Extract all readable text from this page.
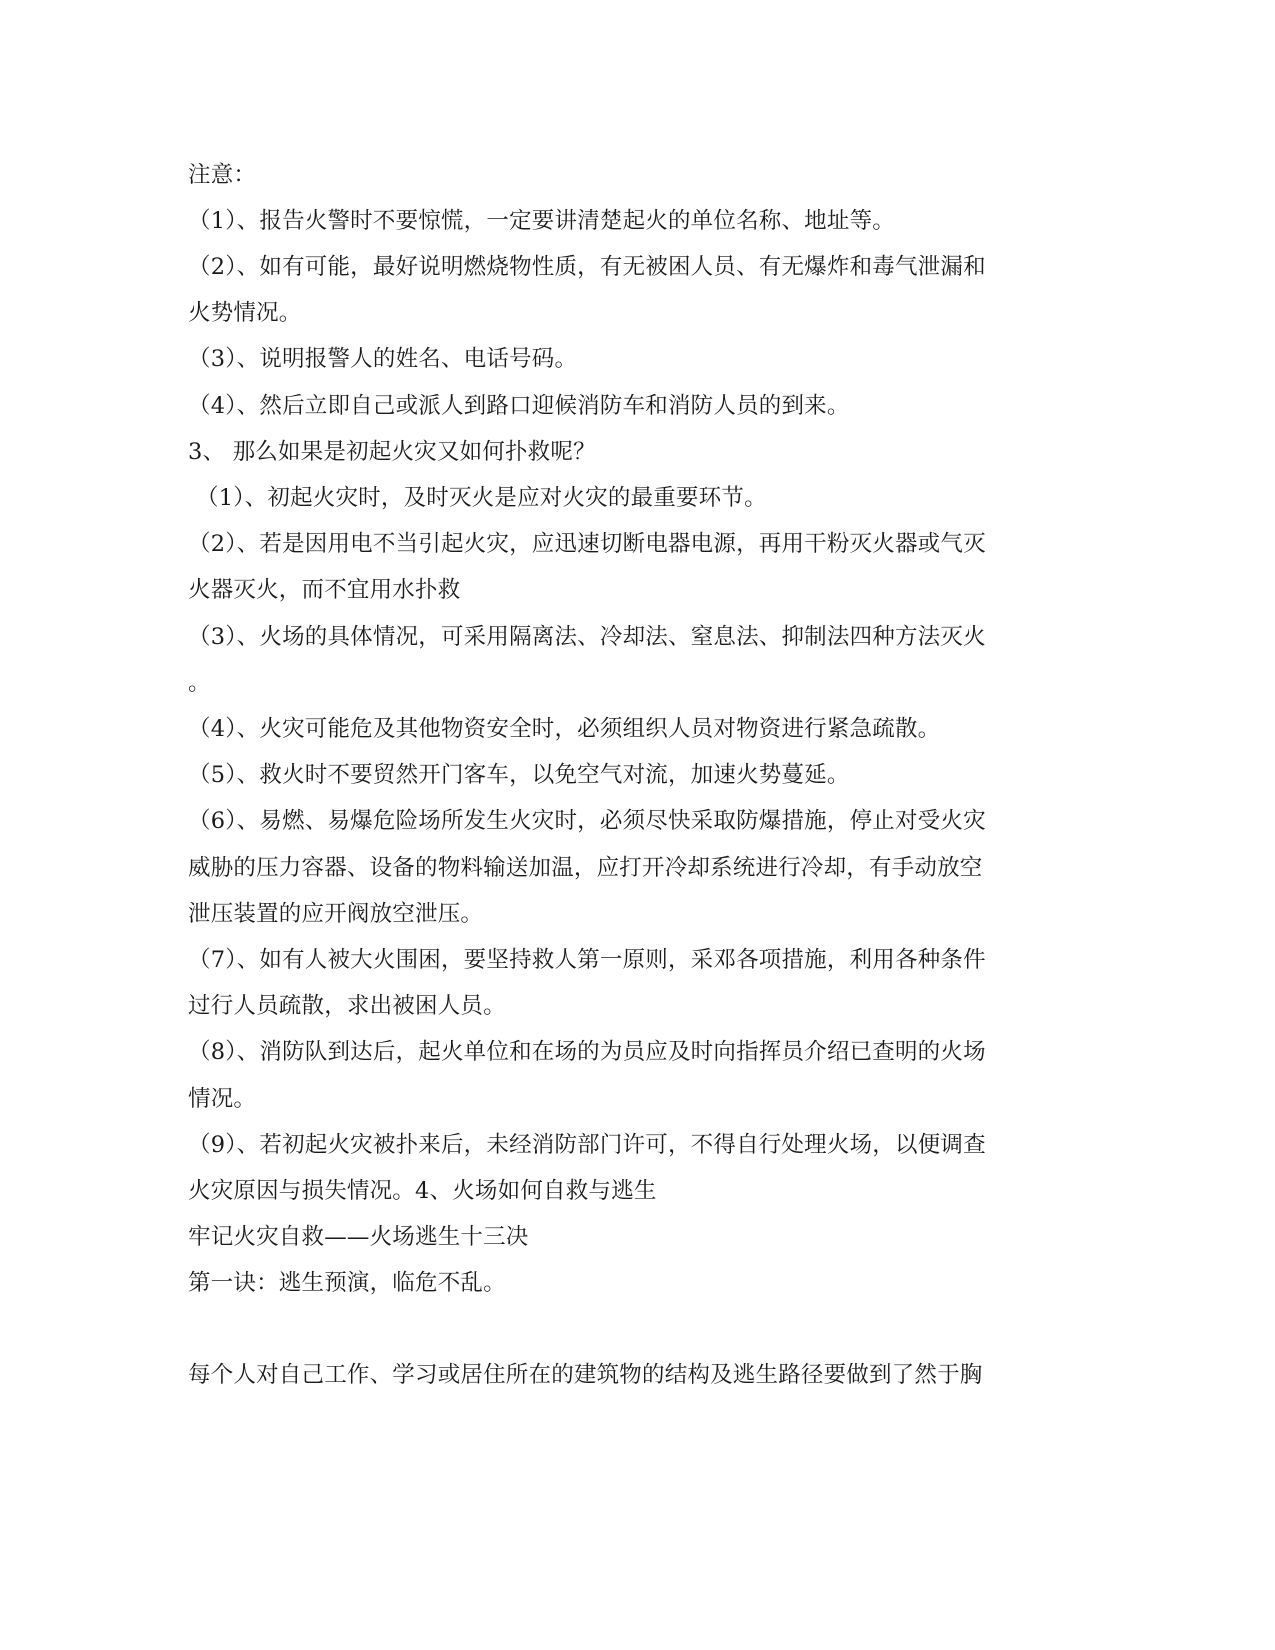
注意：
（1）、报告火警时不要惊慌，一定要讲清楚起火的单位名称、地址等。
（2）、如有可能，最好说明燃烧物性质，有无被困人员、有无爆炸和毒气泄漏和
火势情况。
（3）、说明报警人的姓名、电话号码。
（4）、然后立即自己或派人到路口迎候消防车和消防人员的到来。
3、 那么如果是初起火灾又如何扑救呢？
（1）、初起火灾时，及时灭火是应对火灾的最重要环节。
（2）、若是因用电不当引起火灾，应迅速切断电器电源，再用干粉灭火器或气灭
火器灭火，而不宜用水扑救
（3）、火场的具体情况，可采用隔离法、冷却法、窒息法、抑制法四种方法灭火
。
（4）、火灾可能危及其他物资安全时，必须组织人员对物资进行紧急疏散。
（5）、救火时不要贸然开门客车，以免空气对流，加速火势蔓延。
（6）、易燃、易爆危险场所发生火灾时，必须尽快采取防爆措施，停止对受火灾
威胁的压力容器、设备的物料输送加温，应打开冷却系统进行冷却，有手动放空
泄压装置的应开阀放空泄压。
（7）、如有人被大火围困，要坚持救人第一原则，采邓各项措施，利用各种条件
过行人员疏散，求出被困人员。
（8）、消防队到达后，起火单位和在场的为员应及时向指挥员介绍已查明的火场
情况。
（9）、若初起火灾被扑来后，未经消防部门许可，不得自行处理火场，以便调查
火灾原因与损失情况。4、火场如何自救与逃生
牢记火灾自救——火场逃生十三决
第一诀：逃生预演，临危不乱。
每个人对自己工作、学习或居住所在的建筑物的结构及逃生路径要做到了然于胸
